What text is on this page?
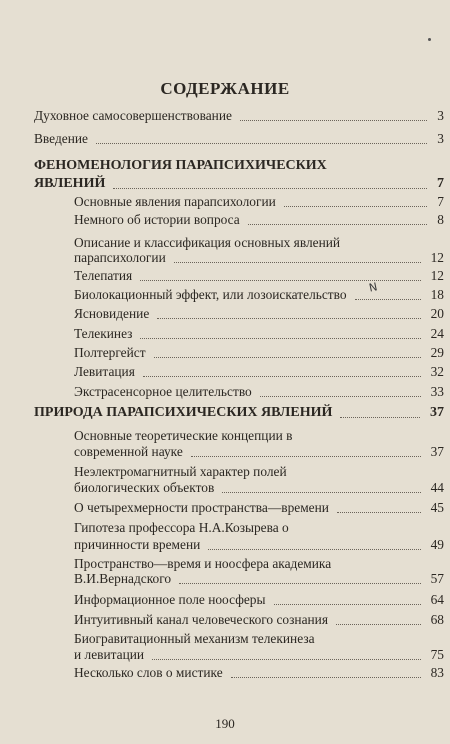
СОДЕРЖАНИЕ
Духовное самосовершенствование	3
Введение	3
ФЕНОМЕНОЛОГИЯ ПАРАПСИХИЧЕСКИХ
ЯВЛЕНИЙ	7
Основные явления парапсихологии	7
Немного об истории вопроса	8
Описание и классификация основных явлений
парапсихологии	12
Телепатия	12
Биолокационный эффект, или лозоискательство	18
Ясновидение	20
Телекинез	24
Полтергейст	29
Левитация	32
Экстрасенсорное целительство	33
ПРИРОДА ПАРАПСИХИЧЕСКИХ ЯВЛЕНИЙ	37
Основные теоретические концепции в
современной науке	37
Неэлектромагнитный характер полей
биологических объектов	44
О четырехмерности пространства—времени	45
Гипотеза профессора Н.А.Козырева о
причинности времени	49
Пространство—время и ноосфера академика
В.И.Вернадского	57
Информационное поле ноосферы	64
Интуитивный канал человеческого сознания	68
Биогравитационный механизм телекинеза
и левитации	75
Несколько слов о мистике	83
N
190
